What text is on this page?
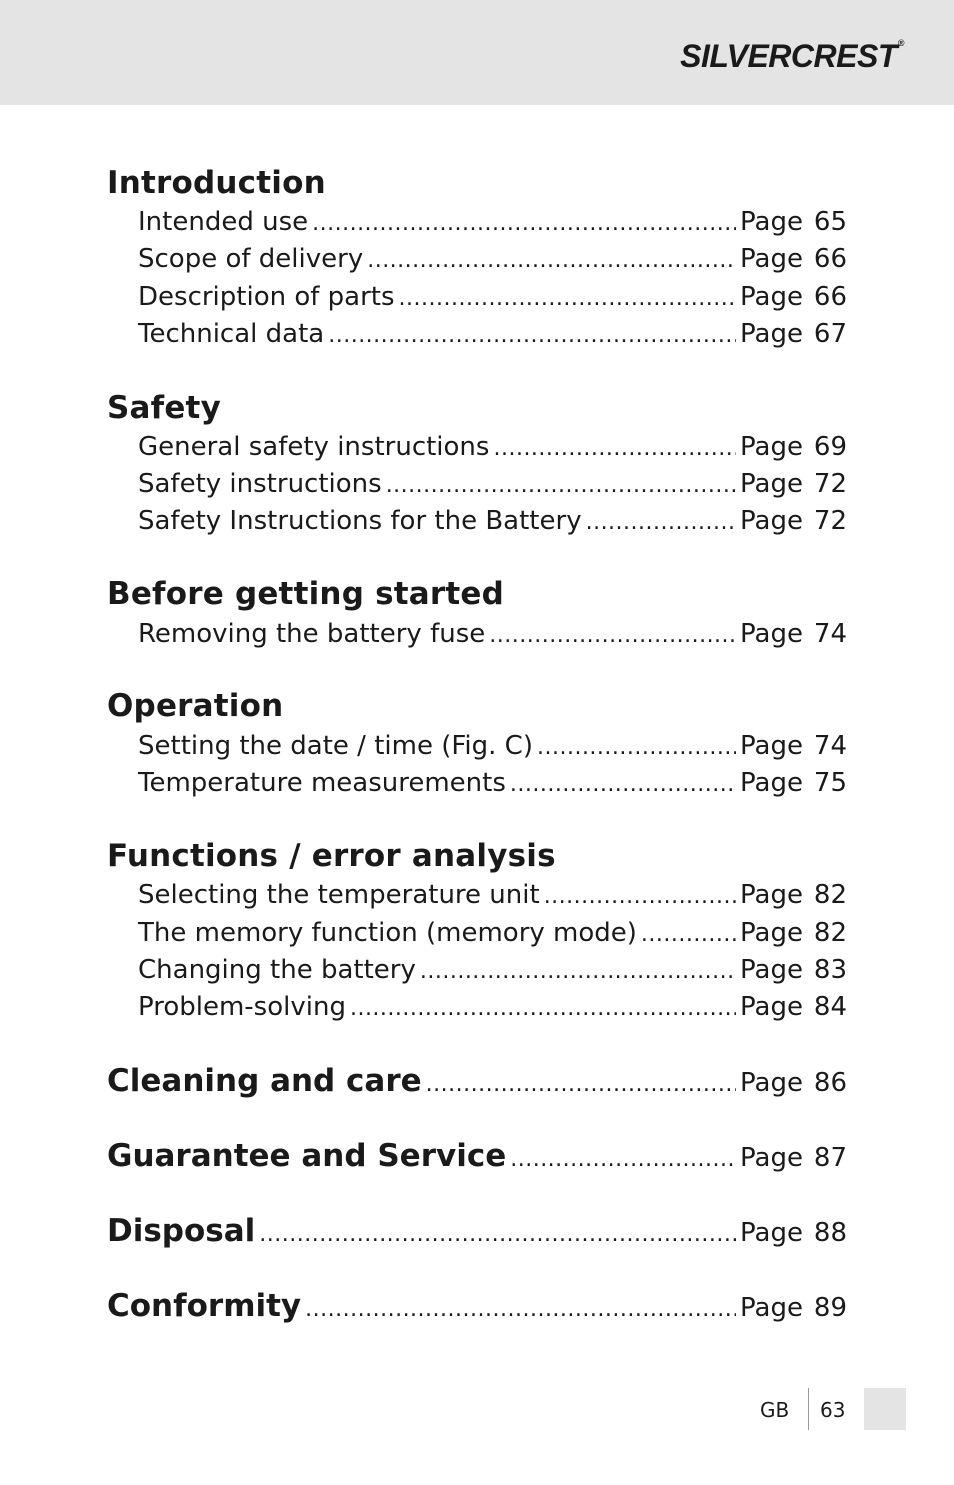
SILVERCREST®
Introduction
Intended use .....	Page 65
Scope of delivery .....	Page 66
Description of parts .....	Page 66
Technical data .....	Page 67
Safety
General safety instructions .....	Page 69
Safety instructions .....	Page 72
Safety Instructions for the Battery .....	Page 72
Before getting started
Removing the battery fuse .....	Page 74
Operation
Setting the date / time (Fig. C) .....	Page 74
Temperature measurements .....	Page 75
Functions / error analysis
Selecting the temperature unit .....	Page 82
The memory function (memory mode) .....	Page 82
Changing the battery .....	Page 83
Problem-solving .....	Page 84
Cleaning and care .....	Page 86
Guarantee and Service .....	Page 87
Disposal .....	Page 88
Conformity .....	Page 89
GB 63
